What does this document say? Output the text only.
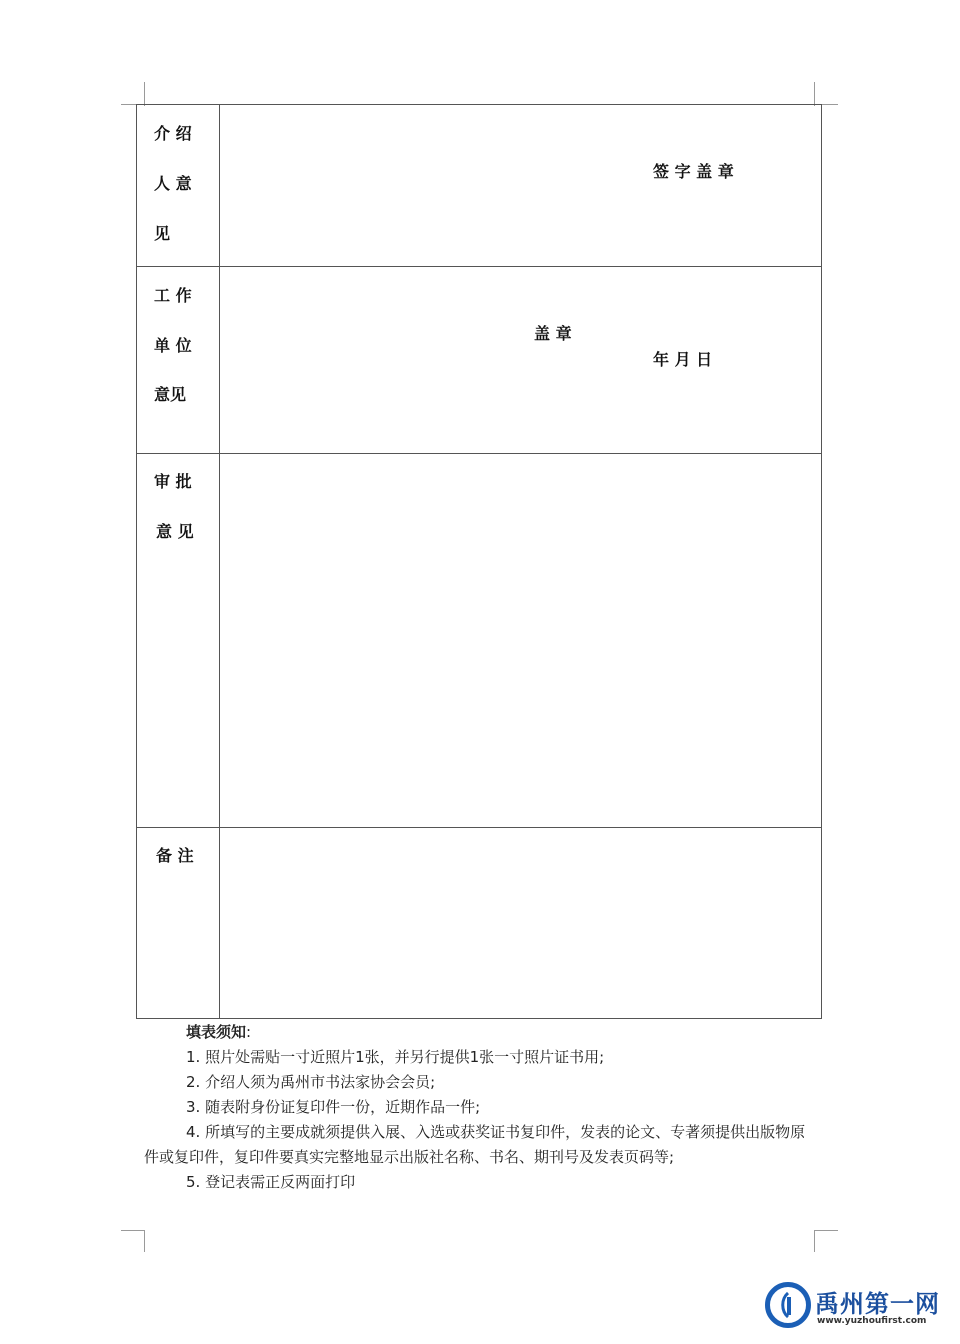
介 绍
人 意
见
签 字 盖 章
工 作
单 位
意见
盖 章
年 月 日
审 批
意 见
备 注
填表须知:

1. 照片处需贴一寸近照片1张，并另行提供1张一寸照片证书用;

2. 介绍人须为禹州市书法家协会会员;

3. 随表附身份证复印件一份，近期作品一件;

4. 所填写的主要成就须提供入展、入选或获奖证书复印件，发表的论文、专著须提供出版物原件或复印件，复印件要真实完整地显示出版社名称、书名、期刊号及发表页码等;

5. 登记表需正反两面打印

禹州第一网
www.yuzhoufirst.com
